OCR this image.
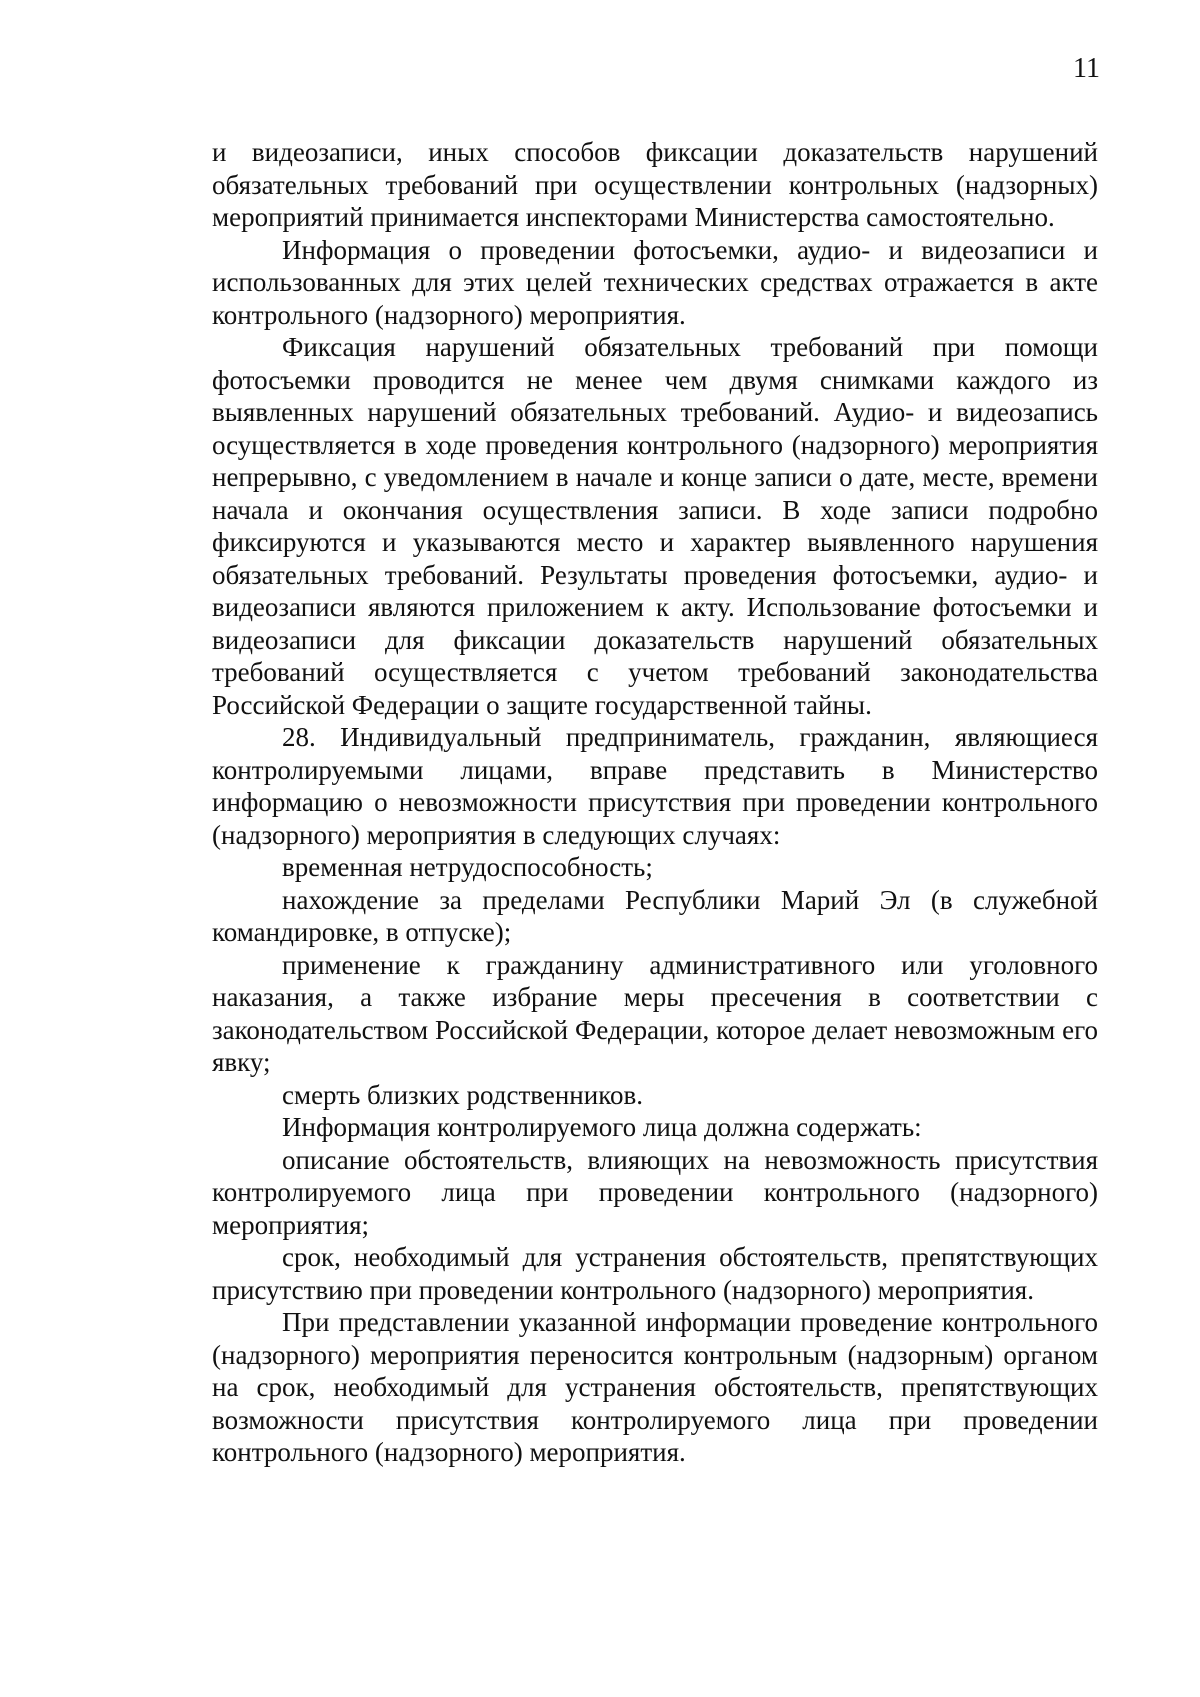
11

и видеозаписи, иных способов фиксации доказательств нарушений обязательных требований при осуществлении контрольных (надзорных) мероприятий принимается инспекторами Министерства самостоятельно.

Информация о проведении фотосъемки, аудио- и видеозаписи и использованных для этих целей технических средствах отражается в акте контрольного (надзорного) мероприятия.

Фиксация нарушений обязательных требований при помощи фотосъемки проводится не менее чем двумя снимками каждого из выявленных нарушений обязательных требований. Аудио- и видеозапись осуществляется в ходе проведения контрольного (надзорного) мероприятия непрерывно, с уведомлением в начале и конце записи о дате, месте, времени начала и окончания осуществления записи. В ходе записи подробно фиксируются и указываются место и характер выявленного нарушения обязательных требований. Результаты проведения фотосъемки, аудио- и видеозаписи являются приложением к акту. Использование фотосъемки и видеозаписи для фиксации доказательств нарушений обязательных требований осуществляется с учетом требований законодательства Российской Федерации о защите государственной тайны.

28. Индивидуальный предприниматель, гражданин, являющиеся контролируемыми лицами, вправе представить в Министерство информацию о невозможности присутствия при проведении контрольного (надзорного) мероприятия в следующих случаях:

временная нетрудоспособность;

нахождение за пределами Республики Марий Эл (в служебной командировке, в отпуске);

применение к гражданину административного или уголовного наказания, а также избрание меры пресечения в соответствии с законодательством Российской Федерации, которое делает невозможным его явку;

смерть близких родственников.

Информация контролируемого лица должна содержать:

описание обстоятельств, влияющих на невозможность присутствия контролируемого лица при проведении контрольного (надзорного) мероприятия;

срок, необходимый для устранения обстоятельств, препятствующих присутствию при проведении контрольного (надзорного) мероприятия.

При представлении указанной информации проведение контрольного (надзорного) мероприятия переносится контрольным (надзорным) органом на срок, необходимый для устранения обстоятельств, препятствующих возможности присутствия контролируемого лица при проведении контрольного (надзорного) мероприятия.
